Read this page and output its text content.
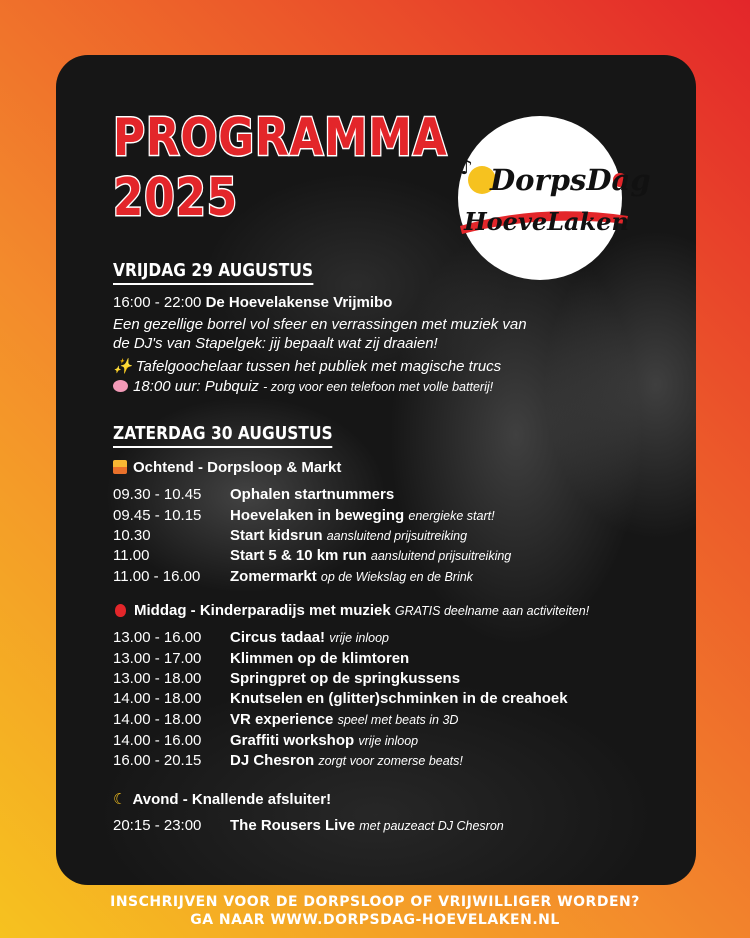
PROGRAMMA
2025
♪ DorpsDag
HoeveLaken
VRIJDAG 29 AUGUSTUS
16:00 - 22:00 De Hoevelakense Vrijmibo
Een gezellige borrel vol sfeer en verrassingen met muziek van
de DJ's van Stapelgek: jij bepaalt wat zij draaien!
✨ Tafelgoochelaar tussen het publiek met magische trucs
18:00 uur: Pubquiz - zorg voor een telefoon met volle batterij!
ZATERDAG 30 AUGUSTUS
Ochtend - Dorpsloop & Markt
09.30 - 10.45 Ophalen startnummers
09.45 - 10.15 Hoevelaken in beweging energieke start!
10.30	Start kidsrun aansluitend prijsuitreiking
11.00	Start 5 & 10 km run aansluitend prijsuitreiking
11.00 - 16.00 Zomermarkt op de Wiekslag en de Brink
Middag - Kinderparadijs met muziek GRATIS deelname aan activiteiten!
13.00 - 16.00 Circus tadaa! vrije inloop
13.00 - 17.00 Klimmen op de klimtoren
13.00 - 18.00 Springpret op de springkussens
14.00 - 18.00 Knutselen en (glitter)schminken in de creahoek
14.00 - 18.00 VR experience speel met beats in 3D
14.00 - 16.00 Graffiti workshop vrije inloop
16.00 - 20.15 DJ Chesron zorgt voor zomerse beats!
☾ Avond - Knallende afsluiter!
20:15 - 23:00 The Rousers Live met pauzeact DJ Chesron

INSCHRIJVEN VOOR DE DORPSLOOP OF VRIJWILLIGER WORDEN?

GA NAAR WWW.DORPSDAG-HOEVELAKEN.NL
